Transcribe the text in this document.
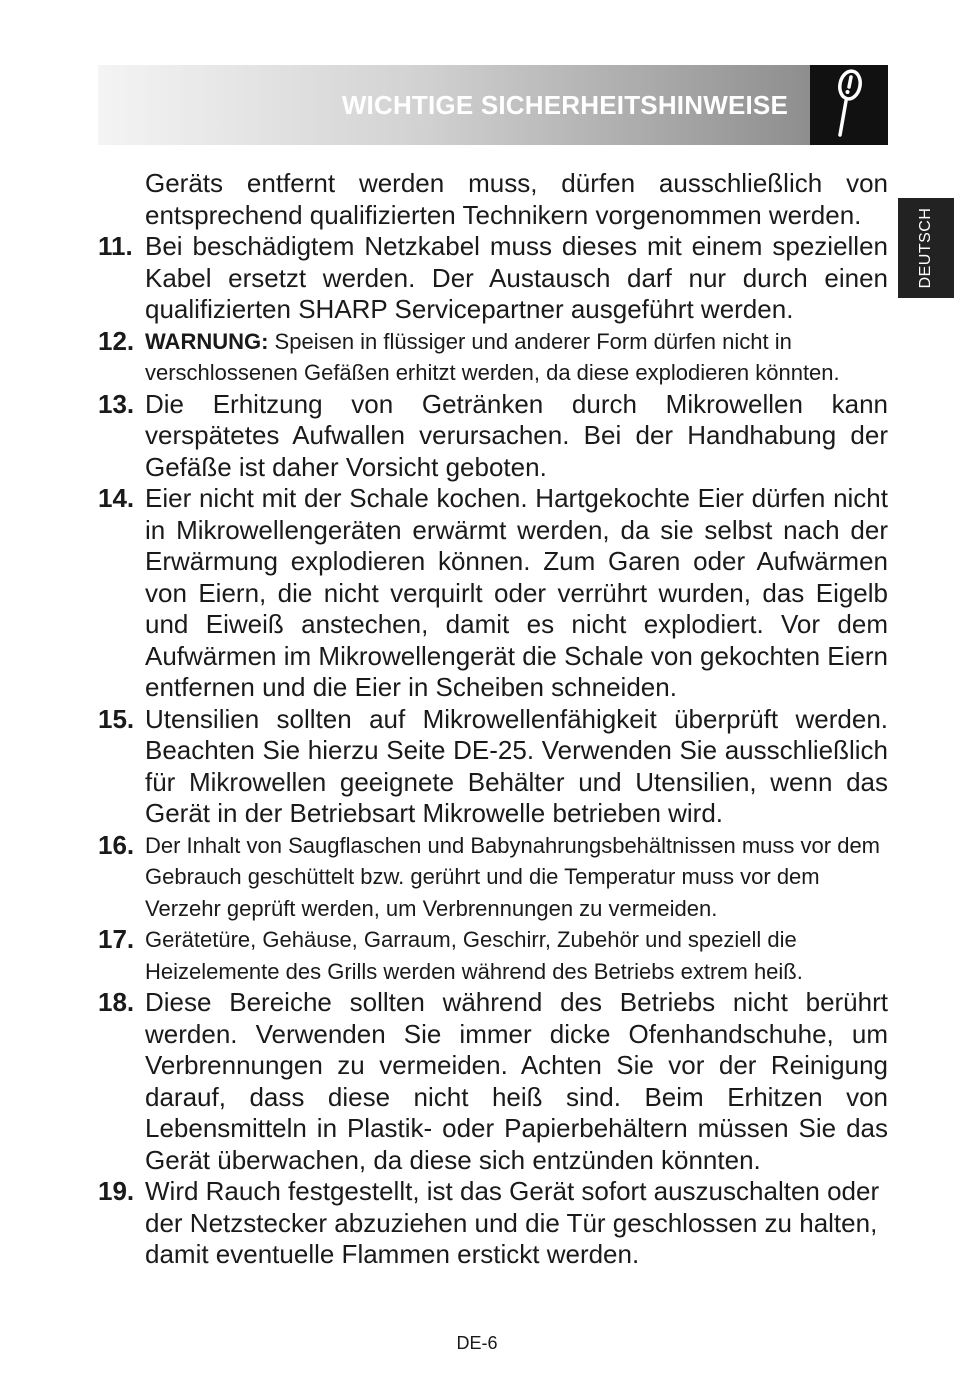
WICHTIGE SICHERHEITSHINWEISE
DEUTSCH
Geräts entfernt werden muss, dürfen ausschließlich von entsprechend qualifizierten Technikern vorgenommen werden.
11. Bei beschädigtem Netzkabel muss dieses mit einem speziellen Kabel ersetzt werden. Der Austausch darf nur durch einen qualifizierten SHARP Servicepartner ausgeführt werden.
12. WARNUNG: Speisen in flüssiger und anderer Form dürfen nicht in verschlossenen Gefäßen erhitzt werden, da diese explodieren könnten.
13. Die Erhitzung von Getränken durch Mikrowellen kann verspätetes Aufwallen verursachen. Bei der Handhabung der Gefäße ist daher Vorsicht geboten.
14. Eier nicht mit der Schale kochen. Hartgekochte Eier dürfen nicht in Mikrowellengeräten erwärmt werden, da sie selbst nach der Erwärmung explodieren können. Zum Garen oder Aufwärmen von Eiern, die nicht verquirlt oder verrührt wurden, das Eigelb und Eiweiß anstechen, damit es nicht explodiert. Vor dem Aufwärmen im Mikrowellengerät die Schale von gekochten Eiern entfernen und die Eier in Scheiben schneiden.
15. Utensilien sollten auf Mikrowellenfähigkeit überprüft werden. Beachten Sie hierzu Seite DE-25. Verwenden Sie ausschließlich für Mikrowellen geeignete Behälter und Utensilien, wenn das Gerät in der Betriebsart Mikrowelle betrieben wird.
16. Der Inhalt von Saugflaschen und Babynahrungsbehältnissen muss vor dem Gebrauch geschüttelt bzw. gerührt und die Temperatur muss vor dem Verzehr geprüft werden, um Verbrennungen zu vermeiden.
17. Gerätetüre, Gehäuse, Garraum, Geschirr, Zubehör und speziell die Heizelemente des Grills werden während des Betriebs extrem heiß.
18. Diese Bereiche sollten während des Betriebs nicht berührt werden. Verwenden Sie immer dicke Ofenhandschuhe, um Verbrennungen zu vermeiden. Achten Sie vor der Reinigung darauf, dass diese nicht heiß sind. Beim Erhitzen von Lebensmitteln in Plastik- oder Papierbehältern müssen Sie das Gerät überwachen, da diese sich entzünden könnten.
19. Wird Rauch festgestellt, ist das Gerät sofort auszuschalten oder der Netzstecker abzuziehen und die Tür geschlossen zu halten, damit eventuelle Flammen erstickt werden.
DE-6
